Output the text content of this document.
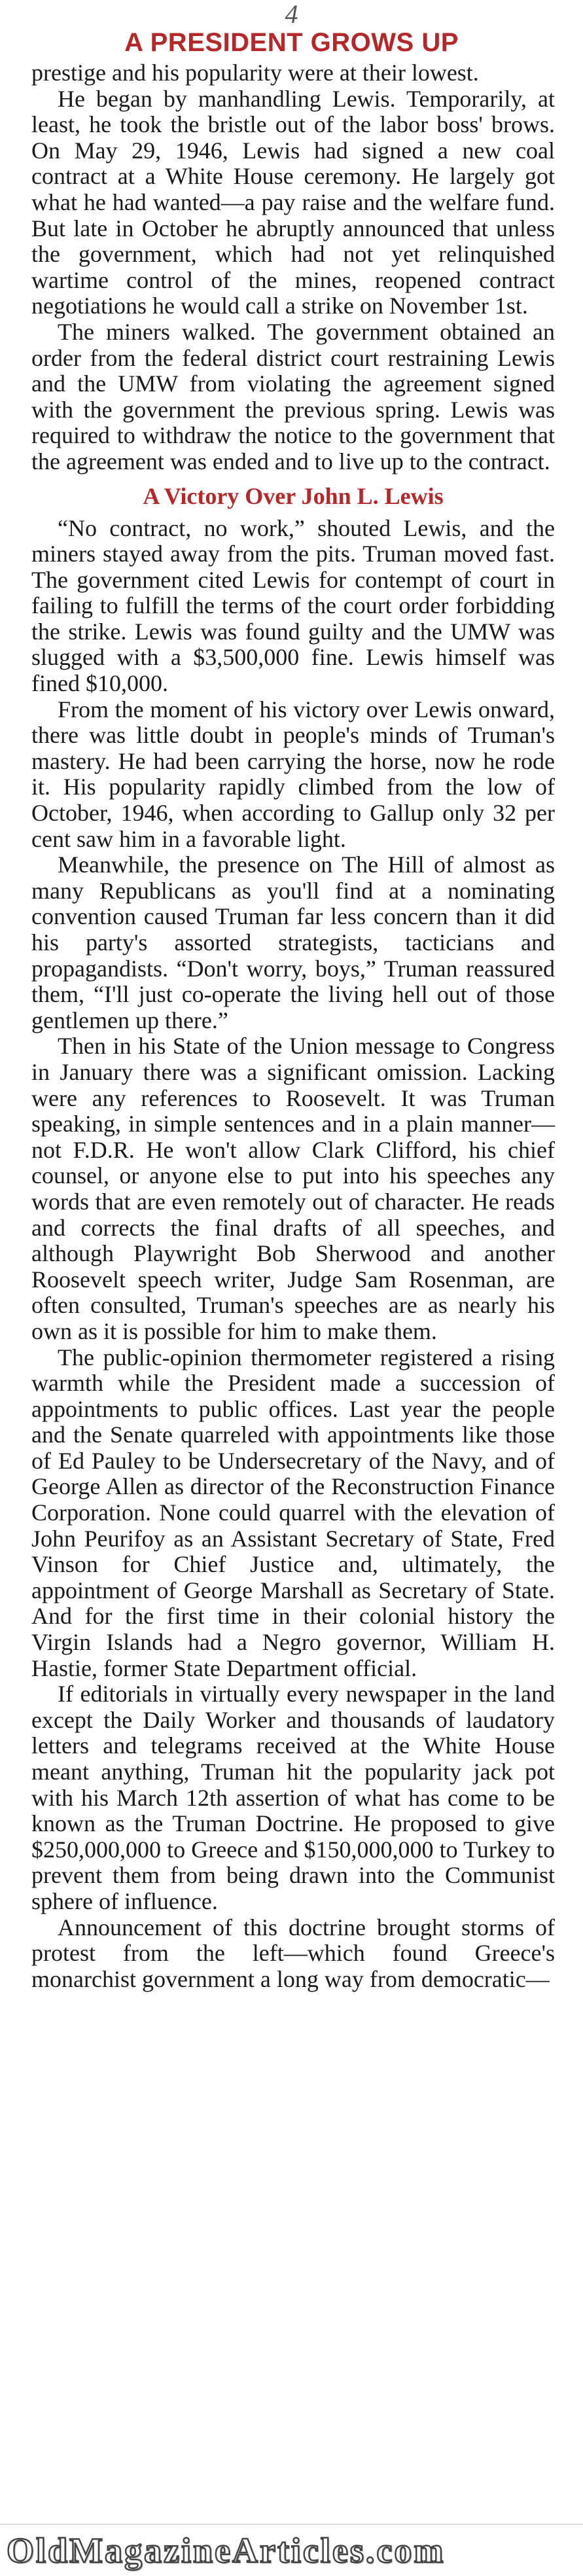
4
A PRESIDENT GROWS UP

prestige and his popularity were at their lowest.

He began by manhandling Lewis. Temporarily, at least, he took the bristle out of the labor boss' brows. On May 29, 1946, Lewis had signed a new coal contract at a White House ceremony. He largely got what he had wanted—a pay raise and the welfare fund. But late in October he abruptly announced that unless the government, which had not yet relinquished wartime control of the mines, reopened contract negotiations he would call a strike on November 1st.

The miners walked. The government obtained an order from the federal district court restraining Lewis and the UMW from violating the agreement signed with the government the previous spring. Lewis was required to withdraw the notice to the government that the agreement was ended and to live up to the contract.

A Victory Over John L. Lewis

“No contract, no work,” shouted Lewis, and the miners stayed away from the pits. Truman moved fast. The government cited Lewis for contempt of court in failing to fulfill the terms of the court order forbidding the strike. Lewis was found guilty and the UMW was slugged with a $3,500,000 fine. Lewis himself was fined $10,000.

From the moment of his victory over Lewis onward, there was little doubt in people's minds of Truman's mastery. He had been carrying the horse, now he rode it. His popularity rapidly climbed from the low of October, 1946, when according to Gallup only 32 per cent saw him in a favorable light.

Meanwhile, the presence on The Hill of almost as many Republicans as you'll find at a nominating convention caused Truman far less concern than it did his party's assorted strategists, tacticians and propagandists. “Don't worry, boys,” Truman reassured them, “I'll just co-operate the living hell out of those gentlemen up there.”

Then in his State of the Union message to Congress in January there was a significant omission. Lacking were any references to Roosevelt. It was Truman speaking, in simple sentences and in a plain manner—not F.D.R. He won't allow Clark Clifford, his chief counsel, or anyone else to put into his speeches any words that are even remotely out of character. He reads and corrects the final drafts of all speeches, and although Playwright Bob Sherwood and another Roosevelt speech writer, Judge Sam Rosenman, are often consulted, Truman's speeches are as nearly his own as it is possible for him to make them.

The public-opinion thermometer registered a rising warmth while the President made a succession of appointments to public offices. Last year the people and the Senate quarreled with appointments like those of Ed Pauley to be Undersecretary of the Navy, and of George Allen as director of the Reconstruction Finance Corporation. None could quarrel with the elevation of John Peurifoy as an Assistant Secretary of State, Fred Vinson for Chief Justice and, ultimately, the appointment of George Marshall as Secretary of State. And for the first time in their colonial history the Virgin Islands had a Negro governor, William H. Hastie, former State Department official.

If editorials in virtually every newspaper in the land except the Daily Worker and thousands of laudatory letters and telegrams received at the White House meant anything, Truman hit the popularity jack pot with his March 12th assertion of what has come to be known as the Truman Doctrine. He proposed to give $250,000,000 to Greece and $150,000,000 to Turkey to prevent them from being drawn into the Communist sphere of influence.

Announcement of this doctrine brought storms of protest from the left—which found Greece's monarchist government a long way from democratic—

OldMagazineArticles.com
